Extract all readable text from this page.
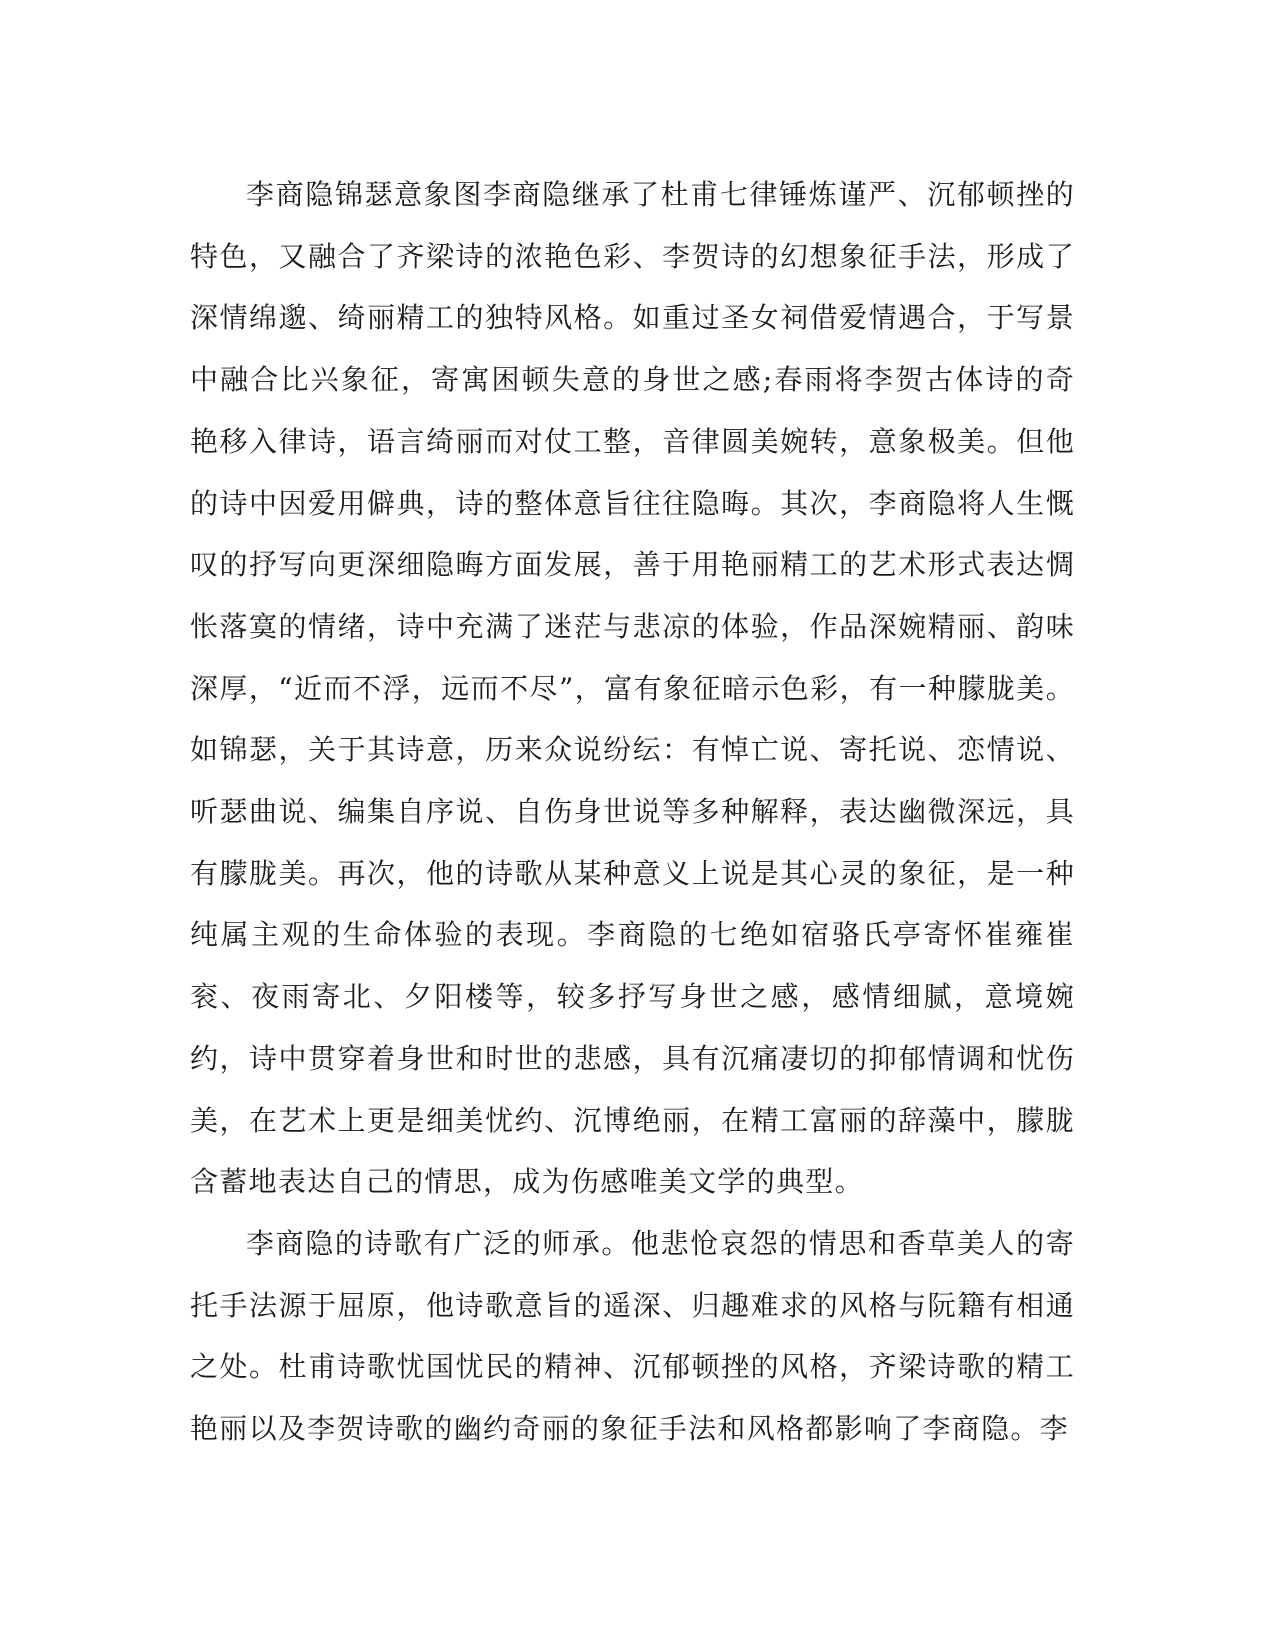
李商隐锦瑟意象图李商隐继承了杜甫七律锤炼谨严、沉郁顿挫的特色，又融合了齐梁诗的浓艳色彩、李贺诗的幻想象征手法，形成了深情绵邈、绮丽精工的独特风格。如重过圣女祠借爱情遇合，于写景中融合比兴象征，寄寓困顿失意的身世之感;春雨将李贺古体诗的奇艳移入律诗，语言绮丽而对仗工整，音律圆美婉转，意象极美。但他的诗中因爱用僻典，诗的整体意旨往往隐晦。其次，李商隐将人生慨叹的抒写向更深细隐晦方面发展，善于用艳丽精工的艺术形式表达惆怅落寞的情绪，诗中充满了迷茫与悲凉的体验，作品深婉精丽、韵味深厚，“近而不浮，远而不尽”，富有象征暗示色彩，有一种朦胧美。如锦瑟，关于其诗意，历来众说纷纭：有悼亡说、寄托说、恋情说、听瑟曲说、编集自序说、自伤身世说等多种解释，表达幽微深远，具有朦胧美。再次，他的诗歌从某种意义上说是其心灵的象征，是一种纯属主观的生命体验的表现。李商隐的七绝如宿骆氏亭寄怀崔雍崔衮、夜雨寄北、夕阳楼等，较多抒写身世之感，感情细腻，意境婉约，诗中贯穿着身世和时世的悲感，具有沉痛凄切的抑郁情调和忧伤美，在艺术上更是细美忧约、沉博绝丽，在精工富丽的辞藻中，朦胧含蓄地表达自己的情思，成为伤感唯美文学的典型。

李商隐的诗歌有广泛的师承。他悲怆哀怨的情思和香草美人的寄托手法源于屈原，他诗歌意旨的遥深、归趣难求的风格与阮籍有相通之处。杜甫诗歌忧国忧民的精神、沉郁顿挫的风格，齐梁诗歌的精工艳丽以及李贺诗歌的幽约奇丽的象征手法和风格都影响了李商隐。李
